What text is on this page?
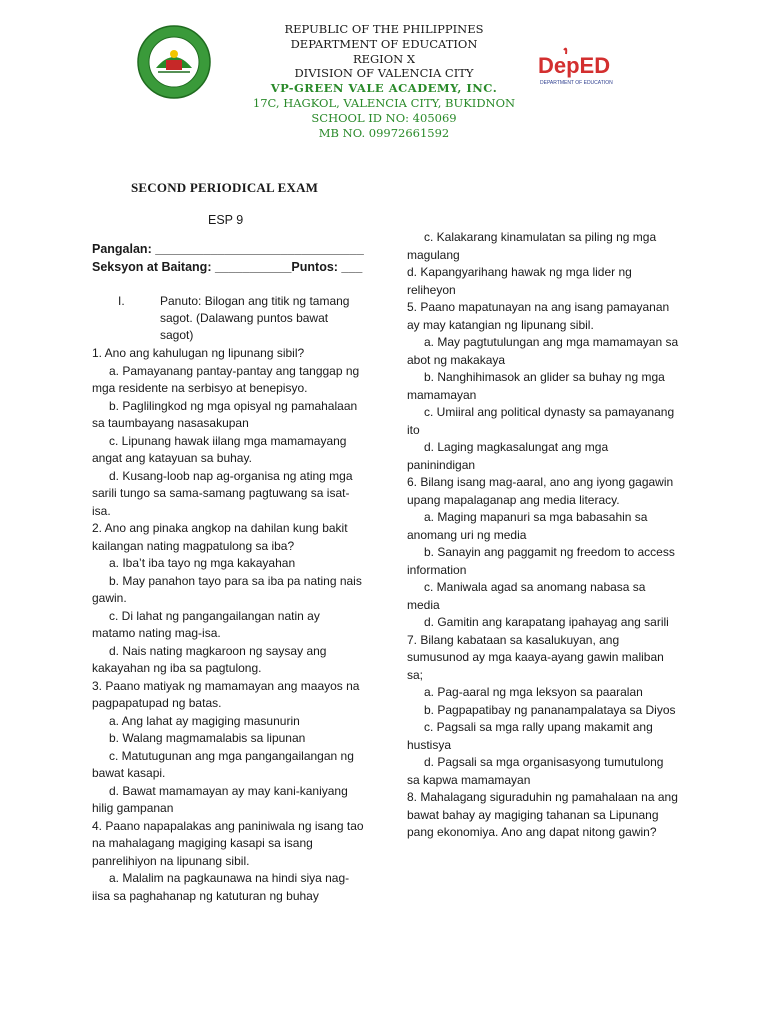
REPUBLIC OF THE PHILIPPINES
DEPARTMENT OF EDUCATION
REGION X
DIVISION OF VALENCIA CITY
VP-GREEN VALE ACADEMY, INC.
17C, HAGKOL, VALENCIA CITY, BUKIDNON
SCHOOL ID NO: 405069
MB NO. 09972661592
DepED
DEPARTMENT OF EDUCATION
SECOND PERIODICAL EXAM
ESP 9
Pangalan: ______________________________
Seksyon at Baitang: ___________Puntos: ___
I.	Panuto: Bilogan ang titik ng tamang sagot. (Dalawang puntos bawat sagot)

1. Ano ang kahulugan ng lipunang sibil?

a. Pamayanang pantay-pantay ang tanggap ng mga residente na serbisyo at benepisyo.

b. Paglilingkod ng mga opisyal ng pamahalaan sa taumbayang nasasakupan

c. Lipunang hawak iilang mga mamamayang angat ang katayuan sa buhay.

d. Kusang-loob nap ag-organisa ng ating mga sarili tungo sa sama-samang pagtuwang sa isat-isa.

2. Ano ang pinaka angkop na dahilan kung bakit kailangan nating magpatulong sa iba?

a. Iba’t iba tayo ng mga kakayahan

b. May panahon tayo para sa iba pa nating nais gawin.

c. Di lahat ng pangangailangan natin ay matamo nating mag-isa.

d. Nais nating magkaroon ng saysay ang kakayahan ng iba sa pagtulong.

3. Paano matiyak ng mamamayan ang maayos na pagpapatupad ng batas.

a. Ang lahat ay magiging masunurin

b. Walang magmamalabis sa lipunan

c. Matutugunan ang mga pangangailangan ng bawat kasapi.

d. Bawat mamamayan ay may kani-kaniyang hilig gampanan

4. Paano napapalakas ang paniniwala ng isang tao na mahalagang magiging kasapi sa isang panrelihiyon na lipunang sibil.

a. Malalim na pagkaunawa na hindi siya nag-iisa sa paghahanap ng katuturan ng buhay

c. Kalakarang kinamulatan sa piling ng mga magulang

d. Kapangyarihang hawak ng mga lider ng reliheyon

5. Paano mapatunayan na ang isang pamayanan ay may katangian ng lipunang sibil.

a. May pagtutulungan ang mga mamamayan sa abot ng makakaya

b. Nanghihimasok an glider sa buhay ng mga mamamayan

c. Umiiral ang political dynasty sa pamayanang ito

d. Laging magkasalungat ang mga paninindigan

6. Bilang isang mag-aaral, ano ang iyong gagawin upang mapalaganap ang media literacy.

a. Maging mapanuri sa mga babasahin sa anomang uri ng media

b. Sanayin ang paggamit ng freedom to access information

c. Maniwala agad sa anomang nabasa sa media

d. Gamitin ang karapatang ipahayag ang sarili

7. Bilang kabataan sa kasalukuyan, ang sumusunod ay mga kaaya-ayang gawin maliban sa;

a. Pag-aaral ng mga leksyon sa paaralan

b. Pagpapatibay ng pananampalataya sa Diyos

c. Pagsali sa mga rally upang makamit ang hustisya

d. Pagsali sa mga organisasyong tumutulong sa kapwa mamamayan

8. Mahalagang siguraduhin ng pamahalaan na ang bawat bahay ay magiging tahanan sa Lipunang pang ekonomiya. Ano ang dapat nitong gawin?
